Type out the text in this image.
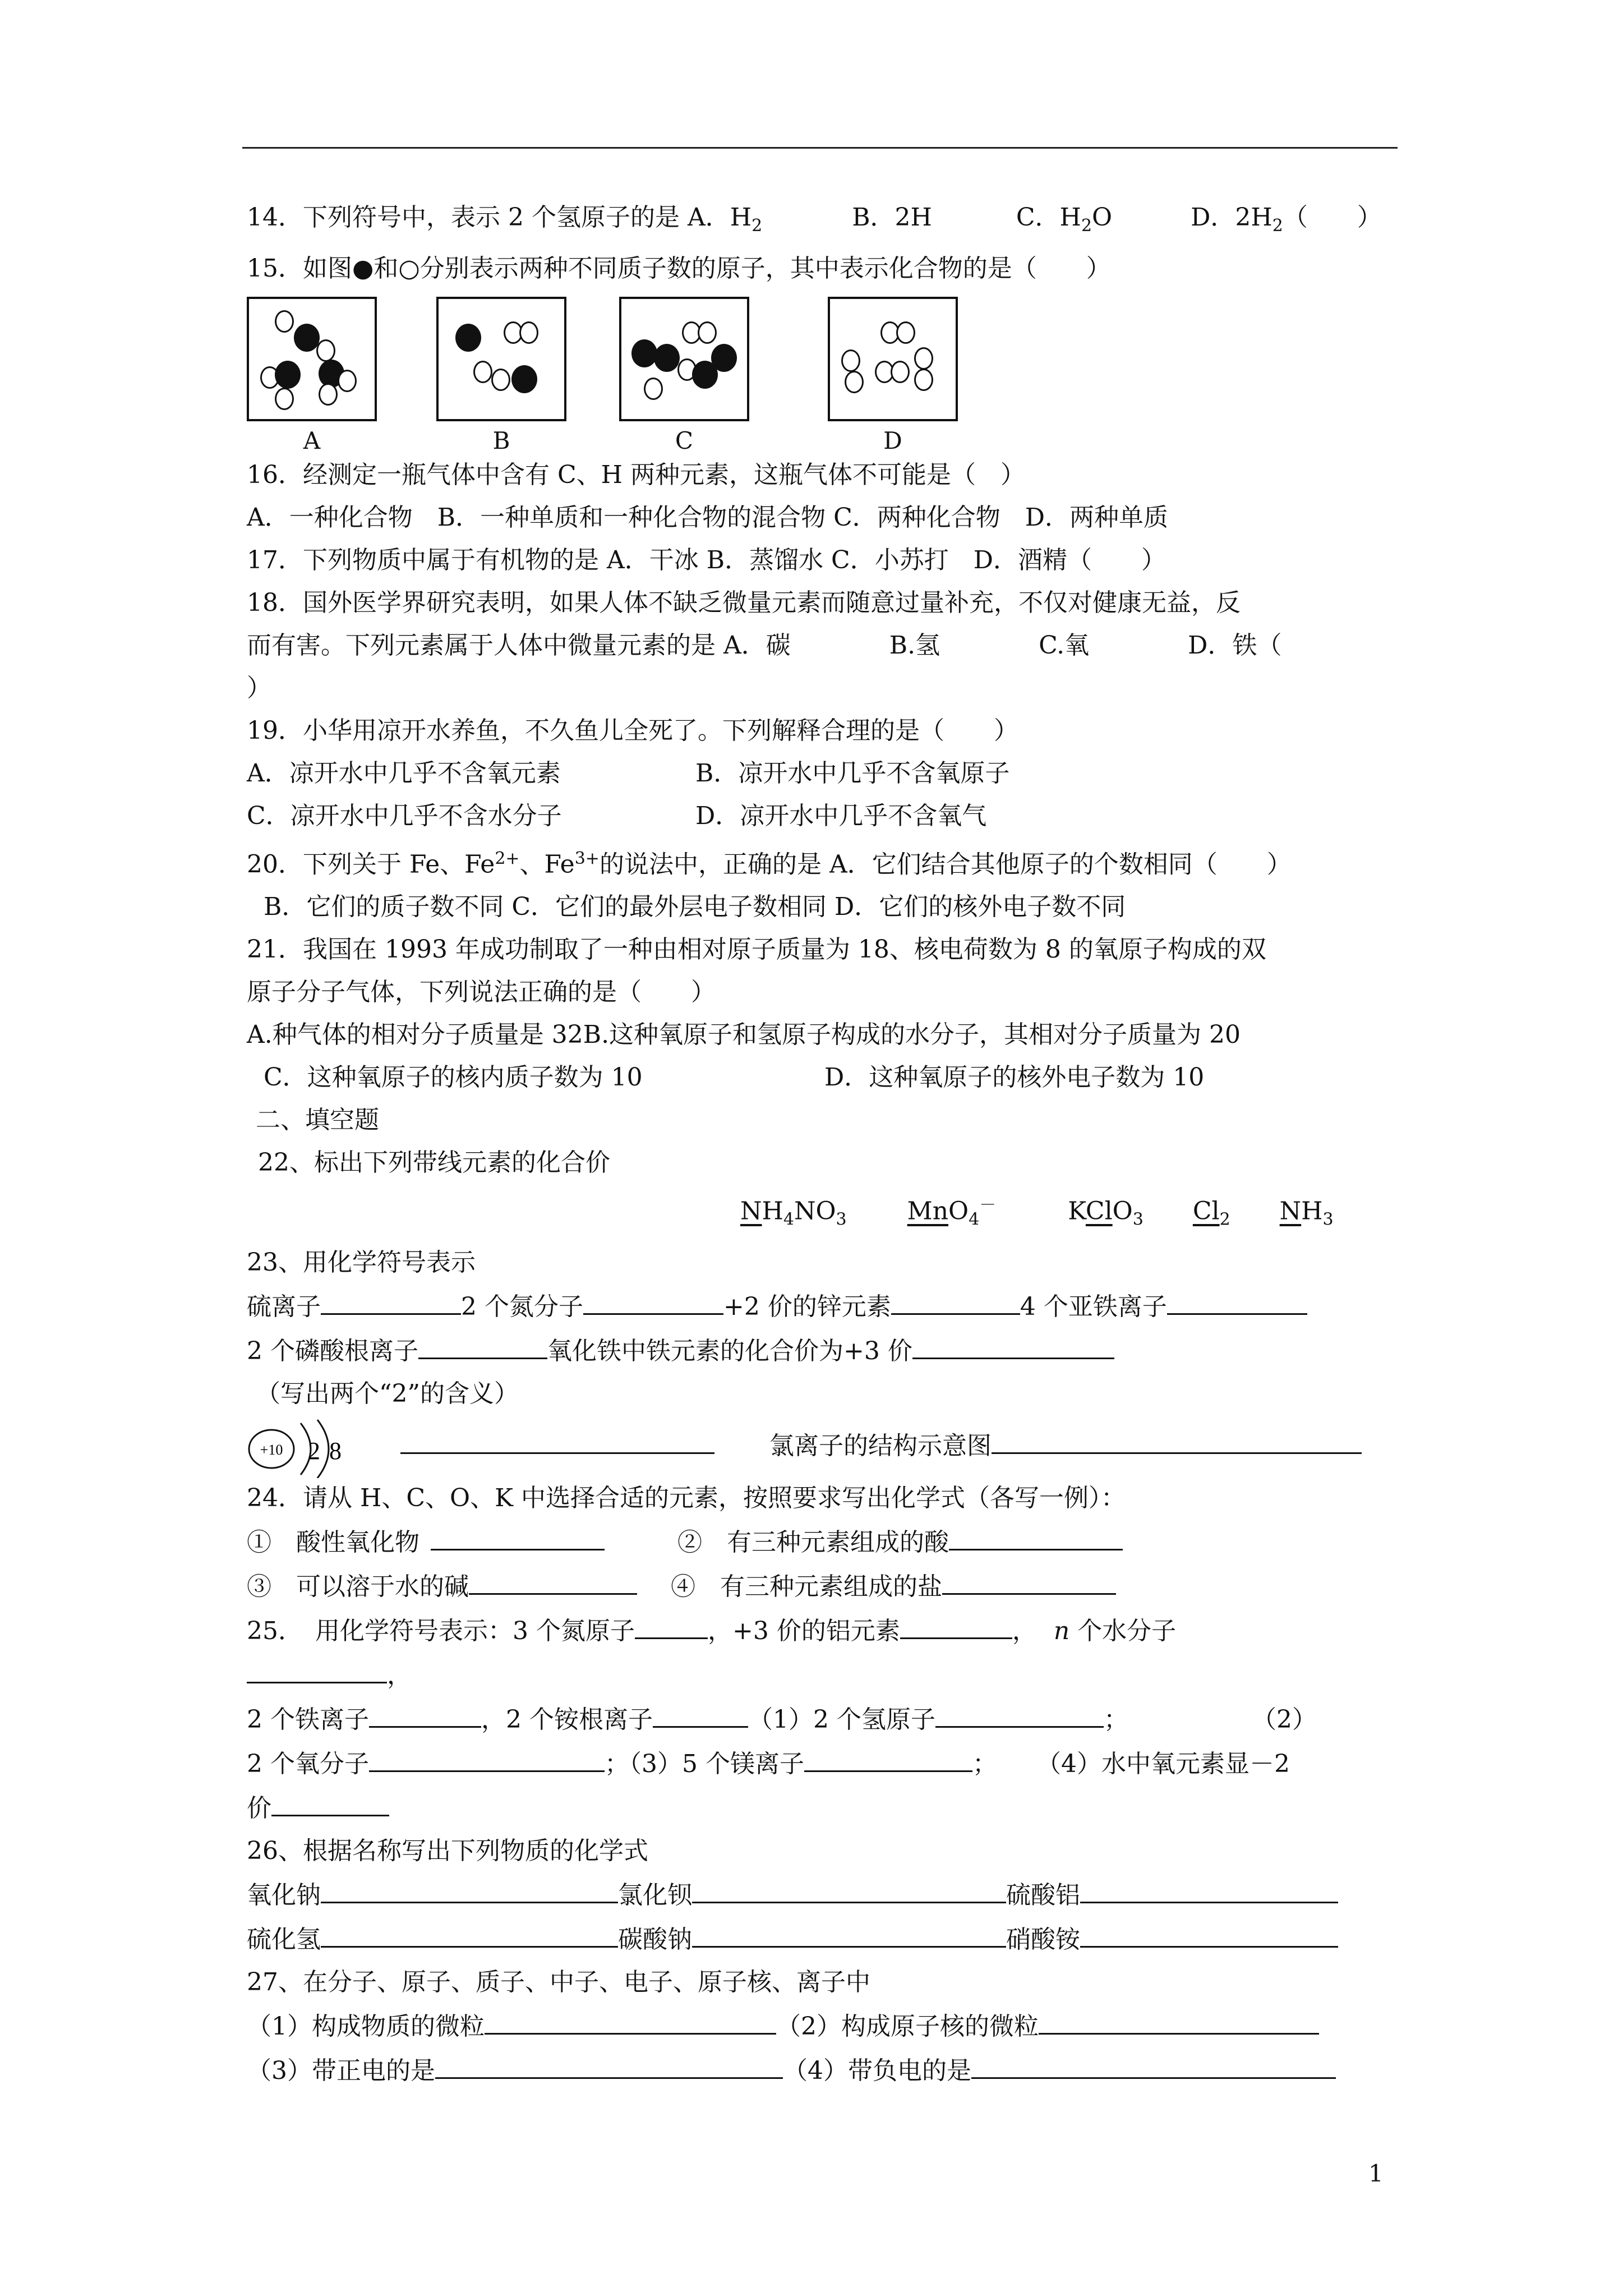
14．下列符号中，表示 2 个氢原子的是 A．$H_2$	B．2H	C．$H_2O$	D．$2H_2$（　　）
15．如图●和○分别表示两种不同质子数的原子，其中表示化合物的是（　　）
A	B	C	D
16．经测定一瓶气体中含有 C、H 两种元素，这瓶气体不可能是（　）
A．一种化合物　B．一种单质和一种化合物的混合物 C．两种化合物　D．两种单质
17．下列物质中属于有机物的是 A．干冰 B．蒸馏水 C．小苏打　D．酒精（　　）
18．国外医学界研究表明，如果人体不缺乏微量元素而随意过量补充，不仅对健康无益，反
而有害。下列元素属于人体中微量元素的是 A．碳　　　　B.氢　　　　C.氧　　　　D．铁（
）
19．小华用凉开水养鱼，不久鱼儿全死了。下列解释合理的是（　　）
A．凉开水中几乎不含氧元素	B．凉开水中几乎不含氧原子
C．凉开水中几乎不含水分子	D．凉开水中几乎不含氧气
20．下列关于 Fe、$Fe^{2+}$、$Fe^{3+}$的说法中，正确的是 A．它们结合其他原子的个数相同（　　）
B．它们的质子数不同 C．它们的最外层电子数相同 D．它们的核外电子数不同
21．我国在 1993 年成功制取了一种由相对原子质量为 18、核电荷数为 8 的氧原子构成的双
原子分子气体，下列说法正确的是（　　）
A.种气体的相对分子质量是 32B.这种氧原子和氢原子构成的水分子，其相对分子质量为 20
C．这种氧原子的核内质子数为 10	D．这种氧原子的核外电子数为 10
二、填空题
22、标出下列带线元素的化合价
$NH_4NO_3$ MnO$_4$－	KClO$_3$ $Cl_2$ $NH_3$
23、用化学符号表示
硫离子	2 个氮分子	+2 价的锌元素	4 个亚铁离子
2 个磷酸根离子	氧化铁中铁元素的化合价为+3 价
（写出两个“2”的含义）
+10 2 8	氯离子的结构示意图
24．请从 H、C、O、K 中选择合适的元素，按照要求写出化学式（各写一例）：
①　酸性氧化物	②　有三种元素组成的酸
③　可以溶于水的碱	④　有三种元素组成的盐
25．　用化学符号表示：3 个氮原子	，+3 价的铝元素	， n 个水分子
，
2 个铁离子	，2 个铵根离子	（1）2 个氢原子	；	（2）
2 个氧分子	；（3）5 个镁离子	； （4）水中氧元素显－2
价
26、根据名称写出下列物质的化学式
氧化钠	氯化钡	硫酸铝
硫化氢	碳酸钠	硝酸铵
27、在分子、原子、质子、中子、电子、原子核、离子中
（1）构成物质的微粒	（2）构成原子核的微粒
（3）带正电的是	（4）带负电的是
1
